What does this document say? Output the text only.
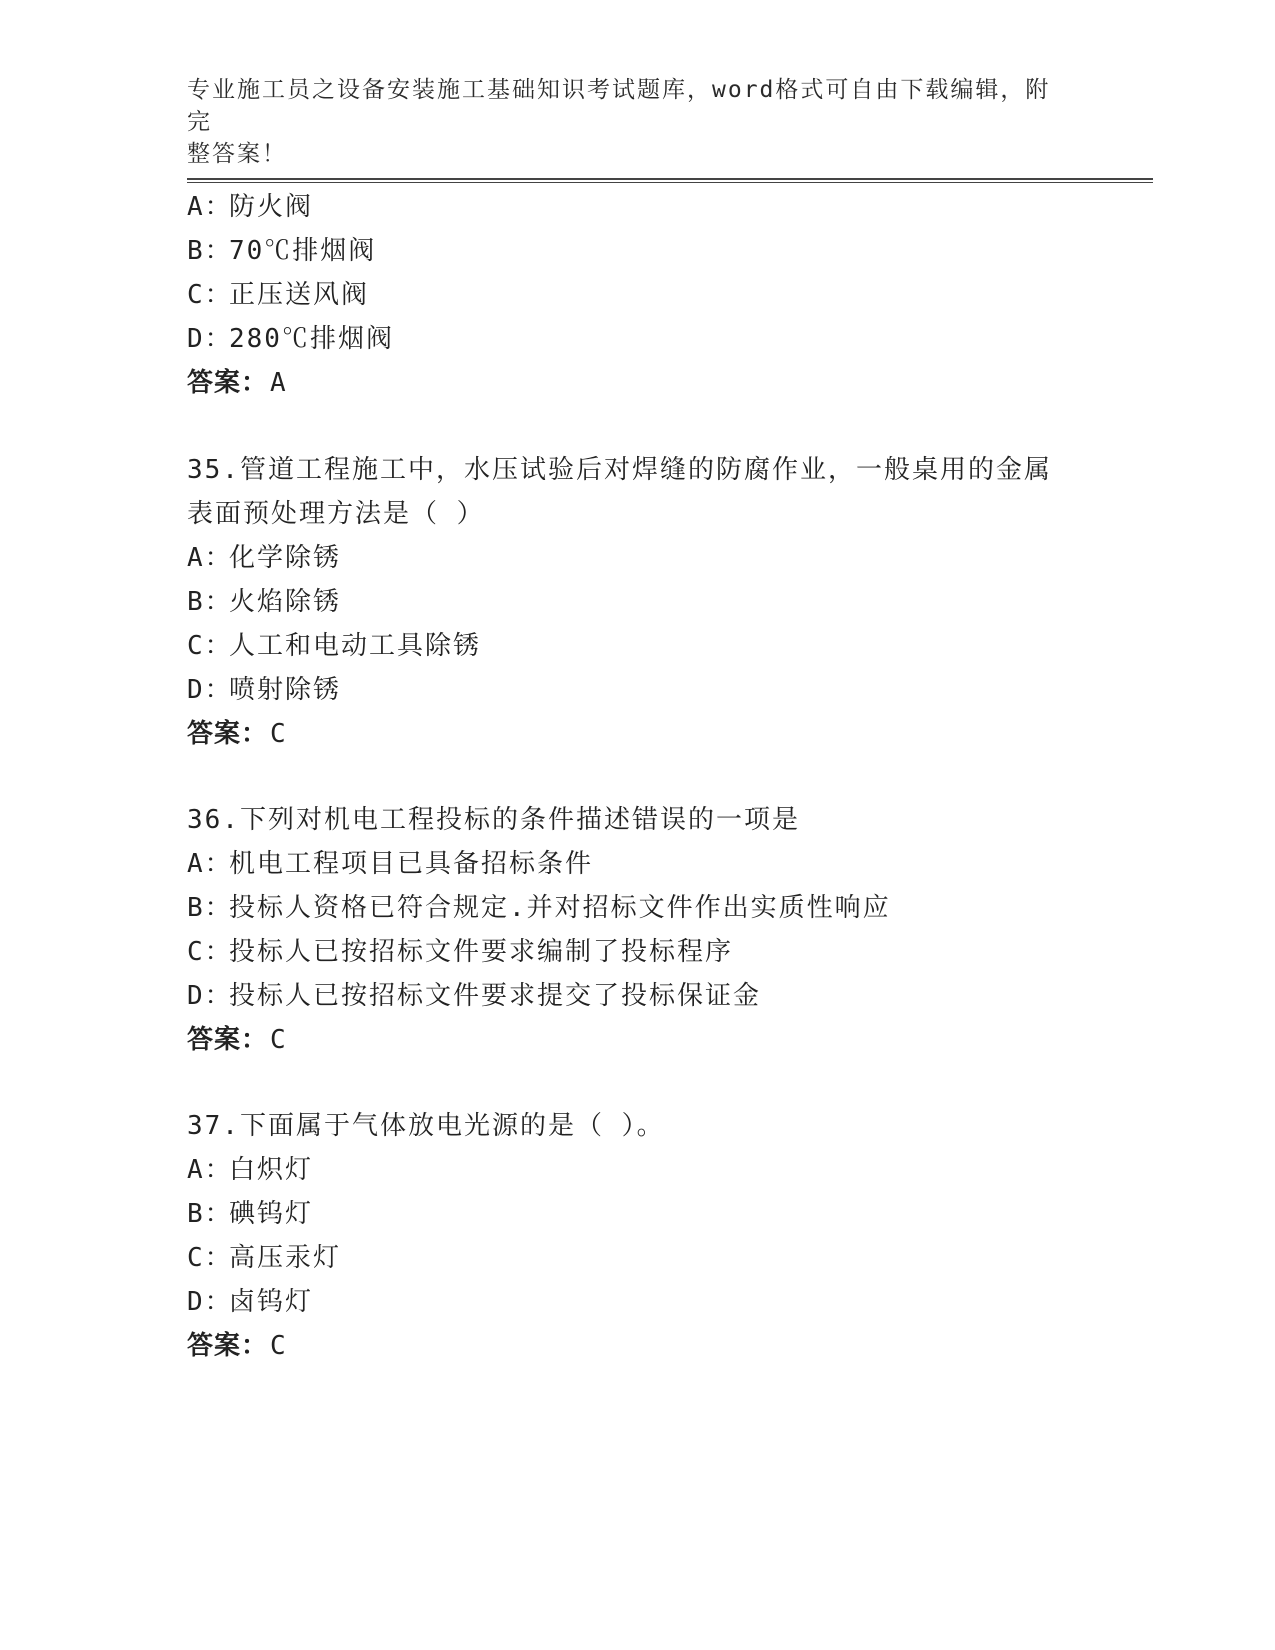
专业施工员之设备安装施工基础知识考试题库，word格式可自由下载编辑，附完
整答案！
A：防火阀
B：70℃排烟阀
C：正压送风阀
D：280℃排烟阀
答案：A
35.管道工程施工中，水压试验后对焊缝的防腐作业，一般桌用的金属
表面预处理方法是（ ）
A：化学除锈
B：火焰除锈
C：人工和电动工具除锈
D：喷射除锈
答案：C
36.下列对机电工程投标的条件描述错误的一项是
A：机电工程项目已具备招标条件
B：投标人资格已符合规定.并对招标文件作出实质性响应
C：投标人已按招标文件要求编制了投标程序
D：投标人已按招标文件要求提交了投标保证金
答案：C
37.下面属于气体放电光源的是（ ）。
A：白炽灯
B：碘钨灯
C：高压汞灯
D：卤钨灯
答案：C
